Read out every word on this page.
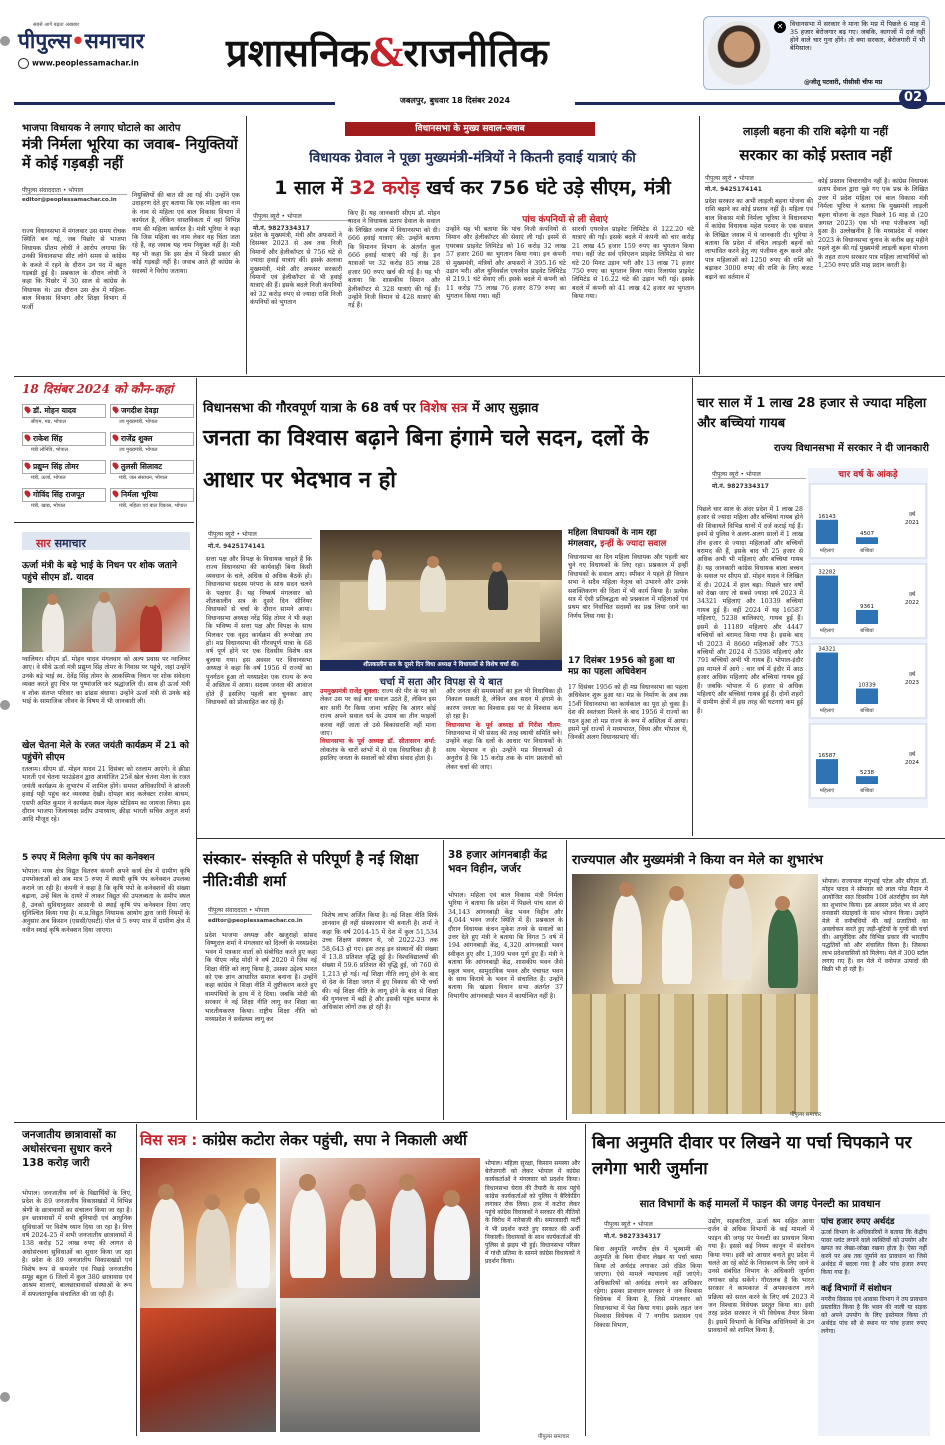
सबसे आगे बढ़ता अखबार
पीपुल्स•समाचार
www.peoplessamachar.in	प्रशासनिक&राजनीतिक
जबलपुर, बुधवार 18 दिसंबर 2024	02
✕	विधानसभा में सरकार ने माना कि मप्र में पिछले 6 माह में 35 हजार बेरोजगार बढ़ गए। जबकि, कागजों में दर्ज नहीं होने वाले चार गुना होंगे। तो क्या सरकार, बेरोजगारी में भी बेमिसाल।
@जीतू पटवारी, पीसीसी चीफ मप्र
भाजपा विधायक ने लगाए घोटाले का आरोप
मंत्री निर्मला भूरिया का जवाब- नियुक्तियों में कोई गड़बड़ी नहीं
पीपुल्स संवाददाता • भोपाल
editor@peoplessamachar.co.in
राज्य विधानसभा में मंगलवार उस समय रोचक स्थिति बन गई, जब पिछोर से भाजपा विधायक प्रीतम लोधी ने आरोप लगाया कि उनकी विधानसभा सीट लोगे समय से कांग्रेस के कब्जे में रहने के दौरान उन पद में बहुत गड़बड़ी हुई है। प्रश्नकाल के दौरान लोधी ने कहा कि पिछोर में 30 साल से कांग्रेस के विधायक थे। उस दौरान उस क्षेत्र में महिला-बाल विकास विभाग और शिक्षा विभाग में फर्जी
नियुक्तियों की बात सी आ गई थी। उन्होंने एक उदाहरण देते हुए बताया कि एक महिला का नाम के नाम से महिला एवं बाल विकास विभाग में कार्यरत है, लेकिन वास्तविकता में वहां विभिन्न नाम की महिला कार्यरत है। मंत्री भूरिया ने कहा कि जिस महिला का नाम लेकर वह चिंता जता रहे हैं, वह जवाब यह नाम नियुक्त नहीं है। मंत्री यह भी कहा कि इस क्षेत्र में किसी प्रकार की कोई गड़बड़ी नहीं है। जवाब आते ही कांग्रेस के सदस्यों ने विरोध जताया।
विधानसभा के मुख्य सवाल-जवाब
विधायक ग्रेवाल ने पूछा मुख्यमंत्री-मंत्रियों ने कितनी हवाई यात्राएं की
1 साल में 32 करोड़ खर्च कर 756 घंटे उड़े सीएम, मंत्री
पीपुल्स ब्यूरो • भोपाल
मो.नं. 9827334317
पांच कंपनियों से ली सेवाएं
प्रदेश के मुख्यमंत्री, मंत्री और अफसरों ने दिसम्बर 2023 से अब तक निजी विमानों और हेलीकॉप्टर से 756 घंटे से ज्यादा हवाई यात्राएं कीं। इसके अलावा मुख्यमंत्री, मंत्री और अफसर सरकारी विमानों एवं हेलीकॉप्टर से भी हवाई यात्राएं की हैं। इसके बदले निजी कंपनियों को 32 करोड़ रुपए से ज्यादा राशि निजी कंपनियों को भुगतान
किए हैं। यह जानकारी सीएम डॉ. मोहन यादव ने विधायक प्रताप ग्रेवाल के सवाल के लिखित जवाब में विधानसभा को दी। 666 हवाई यात्राएं की: उन्होंने बताया कि विमानन विभाग के अंतर्गत कुल 666 हवाई यात्राएं की गई हैं। इन यात्राओं पर 32 करोड़ 85 लाख 28 हजार 90 रुपए खर्च की गई है। यह भी बताया कि शासकीय विमान और हेलीकॉप्टर से 328 यात्राएं की गई हैं। उन्होंने निजी विमान से 428 यात्राएं की गई हैं।
उन्होंने यह भी बताया कि पांच निजी कंपनियों से विमान और हेलीकॉप्टर की सेवाएं ली गईं। इसमें से एयरबस प्राइवेट लिमिटेड को 16 करोड़ 32 लाख 57 हजार 260 का भुगतान किया गया। इन कंपनी से मुख्यमंत्री, मंत्रियों और अफसरों ने 395.16 घंटे उड़ान भरी। ऑल युनिवर्सल एयरवेज प्राइवेट लिमिटेड से 219.1 घंटे सेवाएं लीं। इसके बदले में कंपनी को 11 करोड़ 75 लाख 76 हजार 879 रुपए का भुगतान किया गया। वहीं
सारथी एयरवेज प्राइवेट लिमिटेड से 122.20 घंटे यात्राएं की गईं। इसके बदले में कंपनी को चार करोड़ 21 लाख 45 हजार 159 रुपए का भुगतान किया गया। वहीं जेट सर्व एविएशन प्राइवेट लिमिटेड से चार घंटे 20 मिनट उड़ान भरी और 13 लाख 71 हजार 750 रुपए का भुगतान किया गया। रिलायंस प्राइवेट लिमिटेड से 16.22 घंटे की उड़ान भरी गई। इसके बदले में कंपनी को 41 लाख 42 हजार का भुगतान किया गया।
लाड़ली बहना की राशि बढ़ेगी या नहीं
सरकार का कोई प्रस्ताव नहीं
पीपुल्स ब्यूरो • भोपाल
मो.नं. 9425174141
प्रदेश सरकार का अभी लाड़ली बहना योजना की राशि बढ़ाने का कोई प्रस्ताव नहीं है। महिला एवं बाल विकास मंत्री निर्मला भूरिया ने विधानसभा में कांग्रेस विधायक महेश परमार के एक सवाल के लिखित जवाब में ये जानकारी दी। भूरिया ने बताया कि प्रदेश में वंचित लाड़ली बहनों को लाभांवित करने हेतु नए पंजीयन शुरू करने और पात्र महिलाओं को 1250 रुपए की राशि को बढ़ाकर 3000 रुपए की राशि के लिए बजट बढ़ाने का वर्तमान में
कोई प्रस्ताव विचाराधीन नहीं है। कांग्रेस विधायक प्रताप ग्रेवाल द्वारा पूछे गए एक प्रश्न के लिखित उत्तर में प्रदेश महिला एवं बाल विकास मंत्री निर्मला भूरिया ने बताया कि मुख्यमंत्री लाड़ली बहना योजना के तहत पिछले 16 माह से (20 अगस्त 2023) एक भी नया पंजीकरण नहीं हुआ है। उल्लेखनीय है कि मध्यप्रदेश में नवंबर 2023 के विधानसभा चुनाव के करीब छह महीने पहले शुरू की गई मुख्यमंत्री लाड़ली बहना योजना के तहत राज्य सरकार पात्र महिला लाभार्थियों को 1,250 रुपए प्रति माह प्रदान करती है।
18 दिसंबर 2024 को कौन-कहां
डॉ. मोहन यादव
सीएम, मप्र, भोपाल
जगदीश देवड़ा
उप मुख्यमंत्री, भोपाल
राकेश सिंह
मंत्री लोनिवि, भोपाल
राजेंद्र शुक्ल
उप मुख्यमंत्री, भोपाल
प्रद्युम्न सिंह तोमर
मंत्री, ऊर्जा, भोपाल
तुलसी सिलावट
मंत्री, जल संसाधन, भोपाल
गोविंद सिंह राजपूत
मंत्री, खाद्य, भोपाल
निर्मला भूरिया
मंत्री, महिला एवं बाल विकास, भोपाल
सार समाचार
ऊर्जा मंत्री के बड़े भाई के निधन पर शोक जताने पहुंचे सीएम डॉ. यादव
ग्वालियर। सीएम डॉ. मोहन यादव मंगलवार को अल्प प्रवास पर ग्वालियर आए। वे सीधे ऊर्जा मंत्री प्रद्युम्न सिंह तोमर के निवास पर पहुंचे, जहां उन्होंने उनके बड़े भाई स्व. देवेंद्र सिंह तोमर के आकस्मिक निधन पर शोक संवेदना व्यक्त करते हुए चित्र पर पुष्पांजलि कर श्रद्धांजलि दी। साथ ही ऊर्जा मंत्री व शोक संतप्त परिवार का ढांढस बंधाया। उन्होंने ऊर्जा मंत्री से उनके बड़े भाई के सामाजिक जीवन के विषय में भी जानकारी ली।
खेल चेतना मेले के रजत जयंती कार्यक्रम में 21 को पहुंचेंगे सीएम
रतलाम। सीएम डॉ. मोहन यादव 21 दिसंबर को रतलाम आएंगे। वे क्रीडा भारती एवं चेतना फाउंडेशन द्वारा आयोजित 25वें खेल चेतना मेला के रजत जयंती कार्यक्रम के शुभारंभ में शामिल होंगे। समस्त अधिकारियों ने ब्रांजली हवाई पट्टी पहुंच कर व्यवस्था देखी। दोपहर बाद कलेक्टर राजेश बाथम, एसपी अमित कुमार ने कार्यक्रम स्थल नेहरू स्टेडियम का जायजा लिया। इस दौरान भाजपा जिलाध्यक्ष प्रदीप उपाध्याय, क्रीड़ा भारती सचिव अनुज शर्मा आदि मौजूद रहे।
5 रुपए में मिलेगा कृषि पंप का कनेक्शन
भोपाल। मध्य क्षेत्र विद्युत वितरण कंपनी अपने कार्य क्षेत्र में ग्रामीण कृषि उपभोक्ताओं को अब मात्र 5 रुपए में स्थायी कृषि पंप कनेक्शन उपलब्ध कराने जा रही है। कंपनी ने कहा है कि कृषि पंपों के कनेक्शनों की संख्या बढ़ाना, उन्हें बिल के दायरे में लाकर विद्युत की उपलब्धता के समीप स्थल है, उनको सुविधानुसार आसानी से स्थाई कृषि पंप कनेक्शन दिया जाए सुनिश्चित किया गया है। म.प्र.विद्युत नियामक आयोग द्वारा जारी नियमों के अनुसार अब किसान (एससी/एसटी) पोल से 5 रुपए मात्र में ग्रामीण क्षेत्र में नवीन स्थाई कृषि कनेक्शन दिया जाएगा।
विधानसभा की गौरवपूर्ण यात्रा के 68 वर्ष पर विशेष सत्र में आए सुझाव
जनता का विश्वास बढ़ाने बिना हंगामे चले सदन, दलों के आधार पर भेदभाव न हो
पीपुल्स ब्यूरो • भोपाल
मो.नं. 9425174141
सत्ता पक्ष और विपक्ष के विधायक चाहते हैं कि राज्य विधानसभा की कार्यवाही बिना किसी व्यवधान के चले, अधिक से अधिक बैठकें हों। विधानसभा सदस्य परंपरा के साथ सदन चलने के पक्षधर हैं। यह निष्कर्ष मंगलवार को शीतकालीन सत्र के दूसरे दिन सीनियर विधायकों से चर्चा के दौरान सामने आया। विधानसभा अध्यक्ष नरेंद्र सिंह तोमर ने भी कहा कि भविष्य में सत्ता पक्ष और विपक्ष के साथ मिलकर एक वृहद कार्यक्रम की रूपरेखा तय हो। मप्र विधानसभा की गौरवपूर्ण यात्रा के 68 वर्ष पूर्ण होने पर एक दिवसीय विशेष सत्र बुलाया गया। इस अवसर पर विधानसभा अध्यक्ष ने कहा कि वर्ष 1956 में राज्यों का पुनर्गठन हुआ तो मध्यप्रदेश एक राज्य के रूप में अस्तित्व में आया। सदस्य जनता की आवाज होते हैं इसलिए पहली बार चुनकर आए विधायकों को प्रोत्साहित कर रहे हैं।
शीतकालीन सत्र के दूसरे दिन विधा अध्यक्ष ने विधायकों से विशेष चर्चा की।
चर्चा में सता और विपक्ष से ये बात
उपमुख्यमंत्री राजेंद्र शुक्ला: राज्य की पीर के पद को लेकर उस पर कई बार सवाल उठते हैं, लेकिन इस बार सारी गैर किया जाना चाहिए कि आगर कोई राज्य अपने सवाल धर्म के उपाय का तीन फाइलों करवा नहीं जाता तो उसे बिकासराशि नहीं माना जाए।
विधानसभा के पूर्व अध्यक्ष डॉ. सीतासरन शर्मा: लोकतंत्र के चारों स्तंभों में से एक विधायिका ही है इसलिए जनता के सवालों को सीधा संवाद होता है।
और जनता की समस्याओं का हल भी विधायिका ही निकाल सकती है, लेकिन अब सदन में हंगामे के कारण जनता का विश्वास इस पर से विश्वास कम हो रहा है।
विधानसभा के पूर्व अध्यक्ष डॉ गिरीश गौतम: विधानसभा में भी संसद की तरह स्थायी समिति बने। उन्होंने कहा कि दलों के आधार पर विधायकों के साथ भेदभाव न हो। उन्होंने मप्र विधायकों से अनुरोध है कि 15 करोड़ तक के मांग प्रस्तावों को लेकर चर्चा की जाए।
महिला विधायकों के नाम रहा मंगलवार, इन्हीं के ज्यादा सवाल
विधानसभा का दिन महिला विधायक और पहली बार चुने गए विधायकों के लिए रहा। प्रश्नकाल में इन्हीं विधायकों के सवाल आए। स्पीकर ने पहले ही विधान सभा ने सदैव महिला नेतृत्व को उभारने और उनके सशक्तिकरण की दिशा में भी कार्य किया है। प्रत्येक सत्र में ऐसी प्रतिबद्धता को प्रश्नकाल में महिलाओं एवं प्रथम बार निर्वाचित सदस्यों का प्रश्न लिया जाने का निर्णय लिया गया है।
17 दिसंबर 1956 को हुआ था मप्र का पहला अधिवेशन
17 दिसंबर 1956 को ही मप्र विधानसभा का पहला अधिवेशन शुरू हुआ था। मप्र के निर्माण के अब तक 15वीं विधानसभा का कार्यकाल का पूरा हो चुका है। देश की स्वतंत्रता मिलने के बाद 1956 में राज्यों का गठन हुआ तो मप्र राज्य के रूप में अस्तित्व में आया। इसमें पूर्व राज्यों ने मध्यभारत, विंध्य और भोपाल थे, जिनकी अलग विधानसभाएं थीं।
चार साल में 1 लाख 28 हजार से ज्यादा महिला और बच्चियां गायब
राज्य विधानसभा में सरकार ने दी जानकारी
पीपुल्स ब्यूरो • भोपाल
मो.नं. 9827334317
पिछले चार साल के अंदर प्रदेश में 1 लाख 28 हजार से ज्यादा महिला और बच्चियां गायब होने की शिकायतें विभिन्न थानों में दर्ज कराई गई हैं। इनमें से पुलिस ने अलग-अलग सालों में 1 लाख तीन हजार से ज्यादा महिलाओं और बच्चियों बरामद की हैं, इसके बाद भी 25 हजार से अधिक अभी भी महिलाएं और बच्चियां गायब हैं। यह जानकारी कांग्रेस विधायक बाला बच्चन के सवाल पर सीएम डॉ. मोहन यादव ने लिखित में दी। 2024 में हाल बढ़ा: पिछले चार वर्षों को देखा जाए तो सबसे ज्यादा वर्ष 2023 में 34321 महिलाएं और 10339 बच्चियां गायब हुई हैं। वहीं 2024 में यह 16587 महिलाएं, 5238 बालिकाएं, गायब हुई हैं। इसमें से 11189 महिलाएं और 4447 बच्चियों को बरामद किया गया है। इसके बाद भी 2023 में 8660 महिलाओं और 753 बच्चियों और 2024 में 5398 महिलाएं और 791 बच्चियों अभी भी गायब हैं। भोपाल-इंदौर इस मामले में आगे : चार वर्ष में इंदौर में आठ हजार अधिक महिलाएं और बच्चियां गायब हुई हैं। जबकि भोपाल में 6 हजार से अधिक महिलाएं और बच्चियां गायब हुई हैं। दोनों शहरों में ग्रामीण क्षेत्रों में इस तरह की घटनाएं कम हुई हैं।
चार वर्ष के आंकड़े
16143
महिलाएं
4507
बच्चियां
वर्ष
2021
32282
महिलाएं
9361
बच्चियां
वर्ष
2022
34321
महिलाएं
10339
बच्चियां
वर्ष
2023
16587
महिलाएं
5238
बच्चियां
वर्ष
2024
संस्कार- संस्कृति से परिपूर्ण है नई शिक्षा नीति:वीडी शर्मा
पीपुल्स संवाददाता • भोपाल
editor@peoplessamachar.co.in
प्रदेश भाजपा अध्यक्ष और खजुराहो सांसद विष्णुदत्त शर्मा ने मंगलवार को दिल्ली के मध्यप्रदेश भवन में पत्रकार वार्ता को संबोधित करते हुए कहा कि पीएम नरेंद्र मोदी ने वर्ष 2020 में जिस नई शिक्षा नीति को लागू किया है, उसका उद्देश्य भारत को एक ज्ञान आधारित समाज बनाना है। उन्होंने कहा कांग्रेस ने शिक्षा नीति में तुष्टीकरण करते हुए वामपंथियों के हाथ में दे दिया। जबकि मोदी की सरकार ने नई शिक्षा नीति लागू कर शिक्षा का भारतीयकरण किया। राष्ट्रीय शिक्षा नीति को मध्यप्रदेश ने सर्वप्रथम लागू कर
विशेष लाभ अर्जित किया है। नई शिक्षा नीति सिर्फ ज्ञानवान ही नहीं संस्कारवान भी बनाती है। शर्मा ने कहा कि वर्ष 2014-15 में देश में कुल 51,534 उच्च शिक्षण संस्थान थे, जो 2022-23 तक 58,643 हो गए। इस तरह इन संस्थानों की संख्या में 13.8 प्रतिशत वृद्धि हुई है। विश्वविद्यालयों की संख्या में 59.6 प्रतिशत की वृद्धि हुई, जो 760 से 1,213 हो गई। नई शिक्षा नीति लागू होने के बाद से देश के शिक्षा जगत में हुए विकास की भी चर्चा की। नई शिक्षा नीति के लागू होने के बाद से शिक्षा की गुणवत्ता में बढ़ी है और इसकी पहुंच समाज के अधिकांश लोगों तक हो रही है।
38 हजार आंगनबाड़ी केंद्र भवन विहीन, जर्जर
भोपाल। महिला एवं बाल विकास मंत्री निर्मला भूरिया ने बताया कि प्रदेश में पिछले पांच साल से 34,143 आंगनबाड़ी केंद्र भवन विहीन और 4,044 भवन जर्जर स्थिति में हैं। प्रश्नकाल के दौरान विधायक कंचन मुकेश तनवे के सवालों का उत्तर देते हुए मंत्री ने बताया कि विगत 5 वर्ष में 194 आंगनबाड़ी केंद्र, 4,320 आंगनबाड़ी भवन स्वीकृत हुए और 1,399 भवन पूर्ण हुए हैं। मंत्री ने बताया कि आंगनबाड़ी केंद्र, शासकीय भवन जैसे स्कूल भवन, सामुदायिक भवन और पंचायत भवन के साथ किराये के भवन में संचालित हैं। उन्होंने बताया कि खंडवा विधान सभा अंतर्गत 37 विभागीय आंगनबाड़ी भवन में कार्यान्वित नहीं है।
राज्यपाल और मुख्यमंत्री ने किया वन मेले का शुभारंभ
पीपुल्स समाचार
भोपाल। राज्यपाल मंगुभाई पटेल और सीएम डॉ. मोहन यादव ने सोमवार को लाल परेड मैदान में आयोजित सात दिवसीय 10वें अंतर्राष्ट्रीय वन मेले का शुभारंभ किया। इस अवसर प्रदेश भर से आए वनवासी संग्राहकों के साथ भोजन किया। उन्होंने मेले में वनौषधियों की कई प्रजातियों का अवलोकन करते हुए जड़ी-बूटियों के गुणों की चर्चा की। आयुर्वेदिक और विभिन्न प्रकार की भारतीय पद्धतियों को और संचालित किया है। जिसका लाभ प्रदेशवासियों को मिलेगा। मेले में 300 स्टॉल लगाए गए हैं। वन मेले में वनोपज उत्पादों की बिक्री भी हो रही है।
जनजातीय छात्रावासों का अधोसंरचना सुधार करने 138 करोड़ जारी
भोपाल। जनजातीय वर्ग के विद्यार्थियों के लिए, प्रदेश के 89 जनजातीय विकासखंडों में विभिन्न श्रेणी के छात्रावासों का संचालन किया जा रहा है। इन छात्रावासों में सभी बुनियादी एवं आधुनिक सुविधाओं पर विशेष ध्यान दिया जा रहा है। वित्त वर्ष 2024-25 में सभी जनजातीय छात्रावासों में 138 करोड़ 52 लाख रुपए की लागत से अधोसंरचना सुविधाओं का सुधार किया जा रहा है। प्रदेश के 89 जनजातीय विकासखंडों एवं विशेष रूप से कमजोर एवं पिछड़े जनजातीय समूह बहुल 6 जिलों में कुल 380 छात्रावास एवं आश्रम शालाएं, बालछात्रावासों संस्थाओं के रूप में सफलतापूर्वक संचालित की जा रही हैं।
विस सत्र : कांग्रेस कटोरा लेकर पहुंची, सपा ने निकाली अर्थी
पीपुल्स समाचार
भोपाल। महिला सुरक्षा, किसान समस्या और बेरोजगारी को लेकर भोपाल में कांग्रेस कार्यकर्ताओं ने मंगलवार को प्रदर्शन किया। विधानसभा घेराव की तैयारी के साथ पहुंचे कांग्रेस कार्यकर्ताओं को पुलिस ने बैरिकेडिंग लगाकर रोक लिया। हाथ में कटोरा लेकर पहुंचे कांग्रेस विधायकों ने सरकार की नीतियों के विरोध में नारेबाजी की। समाजवादी पार्टी ने भी प्रदर्शन करते हुए सरकार की अर्थी निकाली। विधायकों के साथ कार्यकर्ताओं की पुलिस से झड़प भी हुई। विधानसभा परिसर में गांधी प्रतिमा के सामने कांग्रेस विधायकों ने प्रदर्शन किया।
बिना अनुमति दीवार पर लिखने या पर्चा चिपकाने पर लगेगा भारी जुर्माना
सात विभागों के कई मामलों में फाइन की जगह पेनल्टी का प्रावधान
पीपुल्स ब्यूरो • भोपाल
मो.नं. 9827334317
बिना अनुमति नगरीय क्षेत्र में भूस्वामी की अनुमति के बिना दीवार लेखन या पर्चा चस्पा किया तो अर्थदंड लगाकर उसे दंडित किया जाएगा। ऐसे मामले न्यायालय नहीं जाएंगे। अधिकारियों को अर्थदंड लगाने का अधिकार रहेगा। इसका प्रावधान सरकार ने जन विश्वास विधेयक में किया है, जिसे मंगलवार को विधानसभा में पेश किया गया। इसके तहत जन विश्वास विधेयक में 7 नगरीय प्रशासन एवं विकास विभाग,
उद्योग, सहकारिता, ऊर्जा श्रम सहित आधा दर्जन से अधिक विभागों के कई मामलों में फाइन की जगह पर पेनल्टी का प्रावधान किया गया है। इससे कई नियम कानून में संशोधन किया गया। इसी को आधार बनाते हुए प्रदेश में चलते आ रहे कोर्ट के निराकरण के लिए जाने वे उनसे संबंधित विभाग के अधिकारी जुर्माना लगाकर छोड़ सकेंगे। गौरतलब है कि भारत सरकार ने कामकाज में अपकाकरण लाने प्रक्रिया को सरल करने के लिए वर्ष 2023 में जन विश्वास विधेयक प्रस्तुत किया था। इसी तरह प्रदेश सरकार ने भी विधेयक तैयार किया है। इसमें विभागों के विभिन्न अधिनियमों के उन प्रावधानों को शामिल किया है,
पांच हजार रुपए अर्थदंड
ऊर्जा विभाग के अधिकारियों ने बताया कि केंद्रीय पावर प्लांट लगाने वाले व्यक्तियों को उपयोग और खपत का लेखा-जोखा रखना होता है। ऐसा नहीं करने पर अब तक जुर्माने का प्रावधान था जिसे अर्थदंड में बदला गया है और पांच हजार रुपए किया गया है।
कई विभागों में संशोधन
नगरीय विकास एवं आवास विभाग ने तय प्रावधान प्रस्तावित किया है कि भवन की नाली या सड़क को अपने उपयोग के लिए इस्तेमाल किया तो अर्थदंड पांच सौ से स्थान पर पांच हजार रुपए लगेगा।
